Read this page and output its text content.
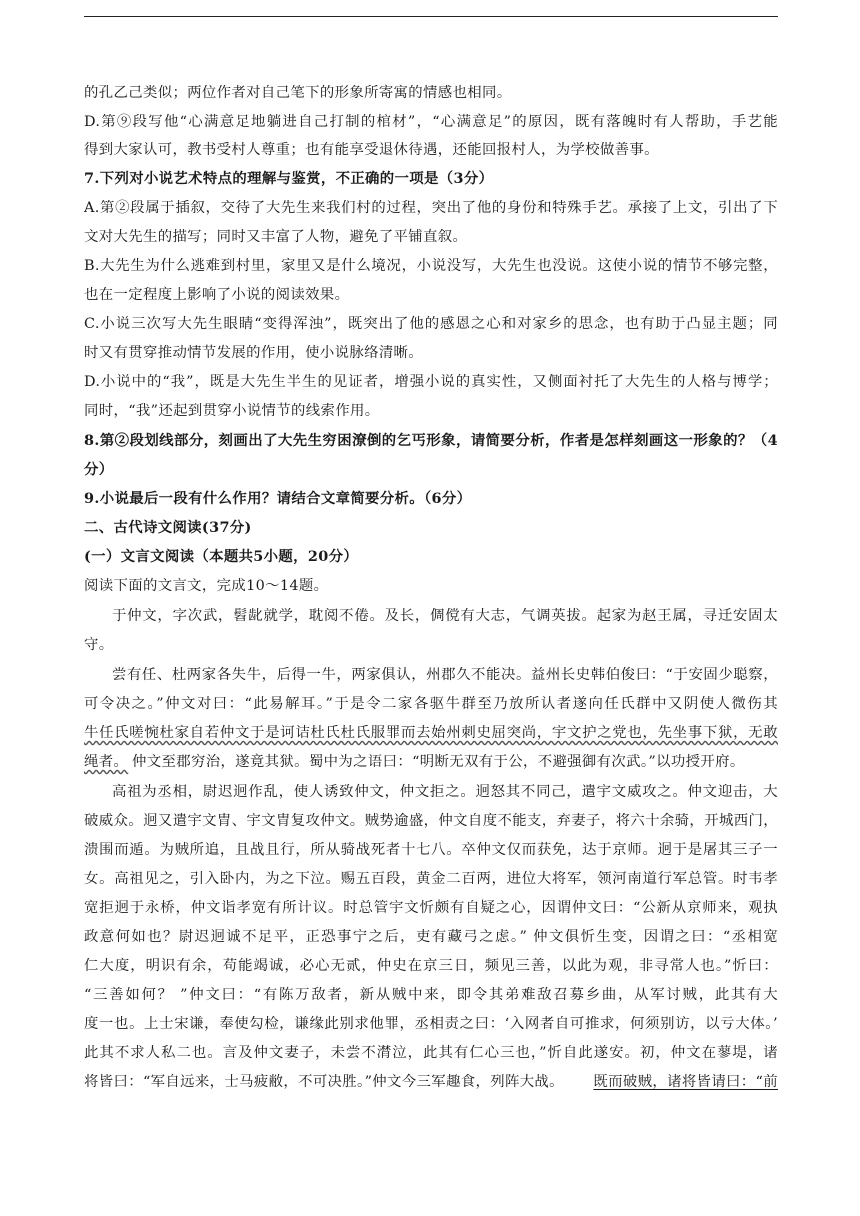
的孔乙己类似；两位作者对自己笔下的形象所寄寓的情感也相同。
D.第⑨段写他“心满意足地躺进自己打制的棺材”，“心满意足”的原因，既有落魄时有人帮助，手艺能
得到大家认可，教书受村人尊重；也有能享受退休待遇，还能回报村人，为学校做善事。
7.下列对小说艺术特点的理解与鉴赏，不正确的一项是（3分）
A.第②段属于插叙，交待了大先生来我们村的过程，突出了他的身份和特殊手艺。承接了上文，引出了下
文对大先生的描写；同时又丰富了人物，避免了平铺直叙。
B.大先生为什么逃难到村里，家里又是什么境况，小说没写，大先生也没说。这使小说的情节不够完整，
也在一定程度上影响了小说的阅读效果。
C.小说三次写大先生眼睛“变得浑浊”，既突出了他的感恩之心和对家乡的思念，也有助于凸显主题；同
时又有贯穿推动情节发展的作用，使小说脉络清晰。
D.小说中的“我”，既是大先生半生的见证者，增强小说的真实性，又侧面衬托了大先生的人格与博学；
同时，“我”还起到贯穿小说情节的线索作用。
8.第②段划线部分，刻画出了大先生穷困潦倒的乞丐形象，请简要分析，作者是怎样刻画这一形象的？（4
分）
9.小说最后一段有什么作用？请结合文章简要分析。（6分）
二、古代诗文阅读(37分)
(一）文言文阅读（本题共5小题，20分）
阅读下面的文言文，完成10～14题。
于仲文，字次武，髫龀就学，耽阅不倦。及长，倜傥有大志，气调英拔。起家为赵王属，寻迁安固太
守。
尝有任、杜两家各失牛，后得一牛，两家俱认，州郡久不能决。益州长史韩伯俊曰：“于安固少聪察，
可令决之。”仲文对曰：“此易解耳。”于是令二家各驱牛群至乃放所认者遂向任氏群中又阴使人微伤其
牛任氏嗟惋杜家自若仲文于是诃诘杜氏杜氏服罪而去始州刺史屈突尚，宇文护之党也，先坐事下狱，无敢
绳者。 仲文至郡穷治，遂竟其狱。蜀中为之语曰：“明断无双有于公，不避强御有次武。”以功授开府。
高祖为丞相，尉迟迥作乱，使人诱致仲文，仲文拒之。迥怒其不同己，遣宇文威攻之。仲文迎击，大
破威众。迥又遣宇文胄、宇文胄复攻仲文。贼势逾盛，仲文自度不能支，弃妻子，将六十余骑，开城西门，
溃围而遁。为贼所追，且战且行，所从骑战死者十七八。卒仲文仅而获免，达于京师。迥于是屠其三子一
女。高祖见之，引入卧内，为之下泣。赐五百段，黄金二百两，进位大将军，领河南道行军总管。时韦孝
宽拒迥于永桥，仲文诣孝宽有所计议。时总管宇文忻颇有自疑之心，因谓仲文曰：“公新从京师来，观执
政意何如也？尉迟迥诚不足平，正恐事宁之后，吏有藏弓之虑。” 仲文俱忻生变，因谓之曰：“丞相宽
仁大度，明识有余，苟能竭诚，必心无贰，仲史在京三日，频见三善，以此为观，非寻常人也。”忻曰：
“三善如何？ ”仲文曰：“有陈万敌者，新从贼中来，即令其弟难敌召募乡曲，从军讨贼，此其有大
度一也。上士宋谦，奉使勾检，谦缘此别求他罪，丞相责之曰：‘入网者自可推求，何须别访，以亏大体。’
此其不求人私二也。言及仲文妻子，未尝不潸泣，此其有仁心三也，”忻自此遂安。初，仲文在蓼堤，诸
将皆曰：“军自远来，士马疲敝，不可决胜。”仲文今三军趣食，列阵大战。	既而破贼，诸将皆请曰：“前
